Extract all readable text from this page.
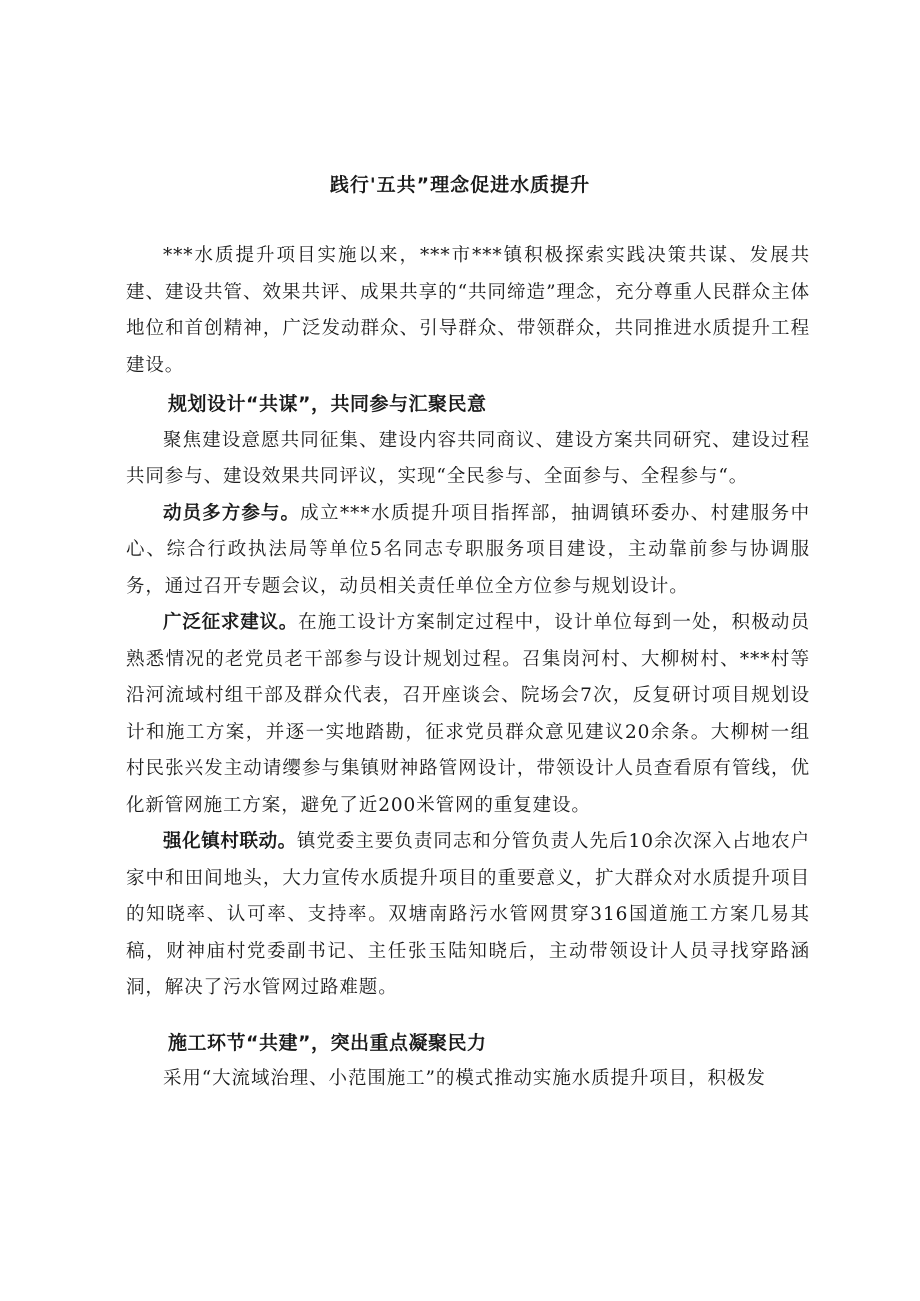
践行'五共”理念促进水质提升

***水质提升项目实施以来，***市***镇积极探索实践决策共谋、发展共建、建设共管、效果共评、成果共享的“共同缔造”理念，充分尊重人民群众主体地位和首创精神，广泛发动群众、引导群众、带领群众，共同推进水质提升工程建设。

规划设计“共谋”，共同参与汇聚民意

聚焦建设意愿共同征集、建设内容共同商议、建设方案共同研究、建设过程共同参与、建设效果共同评议，实现“全民参与、全面参与、全程参与“。

动员多方参与。成立***水质提升项目指挥部，抽调镇环委办、村建服务中心、综合行政执法局等单位5名同志专职服务项目建设，主动靠前参与协调服务，通过召开专题会议，动员相关责任单位全方位参与规划设计。

广泛征求建议。在施工设计方案制定过程中，设计单位每到一处，积极动员熟悉情况的老党员老干部参与设计规划过程。召集岗河村、大柳树村、***村等沿河流域村组干部及群众代表，召开座谈会、院场会7次，反复研讨项目规划设计和施工方案，并逐一实地踏勘，征求党员群众意见建议20余条。大柳树一组村民张兴发主动请缨参与集镇财神路管网设计，带领设计人员查看原有管线，优化新管网施工方案，避免了近200米管网的重复建设。

强化镇村联动。镇党委主要负责同志和分管负责人先后10余次深入占地农户家中和田间地头，大力宣传水质提升项目的重要意义，扩大群众对水质提升项目的知晓率、认可率、支持率。双塘南路污水管网贯穿316国道施工方案几易其稿，财神庙村党委副书记、主任张玉陆知晓后，主动带领设计人员寻找穿路涵洞，解决了污水管网过路难题。

施工环节“共建”，突出重点凝聚民力

采用“大流域治理、小范围施工”的模式推动实施水质提升项目，积极发
